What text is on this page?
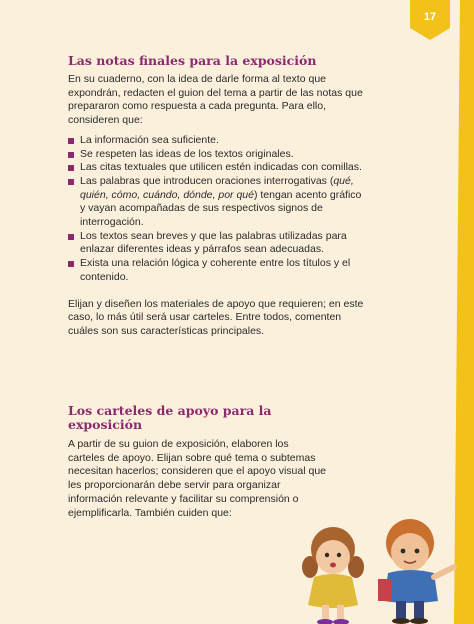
17
Las notas finales para la exposición

En su cuaderno, con la idea de darle forma al texto que expondrán, redacten el guion del tema a partir de las notas que prepararon como respuesta a cada pregunta. Para ello, consideren que:

La información sea suficiente.
Se respeten las ideas de los textos originales.
Las citas textuales que utilicen estén indicadas con comillas.
Las palabras que introducen oraciones interrogativas (qué, quién, cómo, cuándo, dónde, por qué) tengan acento gráfico y vayan acompañadas de sus respectivos signos de interrogación.
Los textos sean breves y que las palabras utilizadas para enlazar diferentes ideas y párrafos sean adecuadas.
Exista una relación lógica y coherente entre los títulos y el contenido.

Elijan y diseñen los materiales de apoyo que requieren; en este caso, lo más útil será usar carteles. Entre todos, comenten cuáles son sus características principales.

Los carteles de apoyo para la exposición

A partir de su guion de exposición, elaboren los carteles de apoyo. Elijan sobre qué tema o subtemas necesitan hacerlos; consideren que el apoyo visual que les proporcionarán debe servir para organizar información relevante y facilitar su comprensión o ejemplificarla. También cuiden que:
